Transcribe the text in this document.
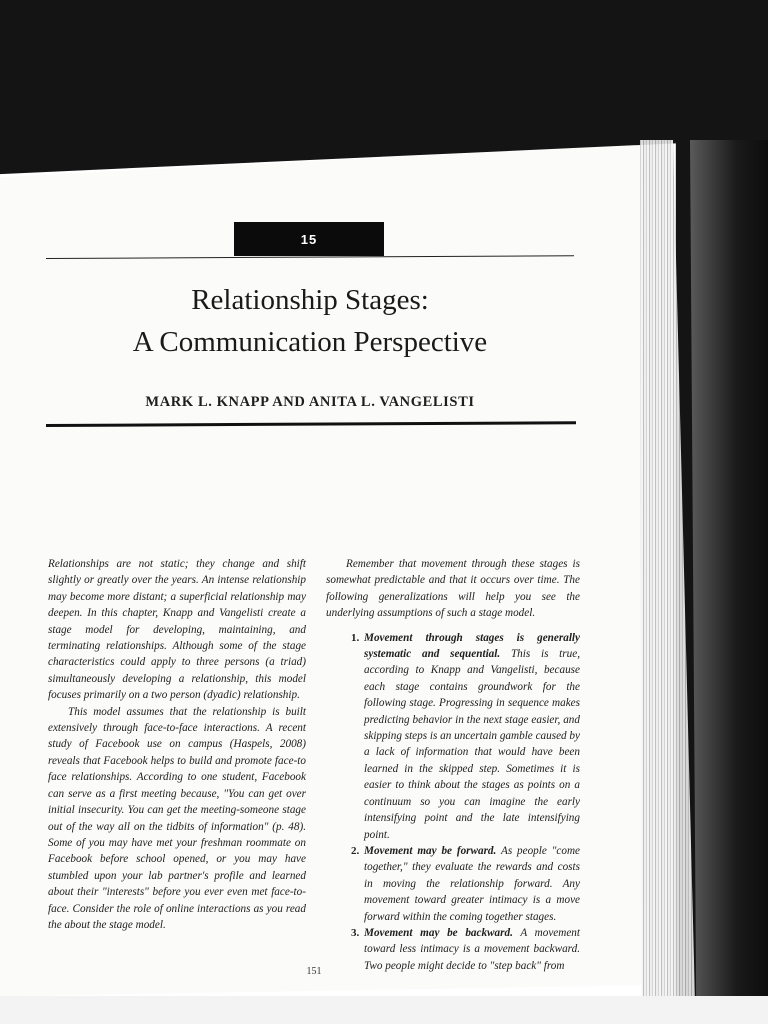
15
Relationship Stages:
A Communication Perspective
MARK L. KNAPP AND ANITA L. VANGELISTI

Relationships are not static; they change and shift slightly or greatly over the years. An intense relationship may become more distant; a superficial relationship may deepen. In this chapter, Knapp and Vangelisti create a stage model for developing, maintaining, and terminating relationships. Although some of the stage characteristics could apply to three persons (a triad) simultaneously developing a relationship, this model focuses primarily on a two person (dyadic) relationship.

This model assumes that the relationship is built extensively through face-to-face interactions. A recent study of Facebook use on campus (Haspels, 2008) reveals that Facebook helps to build and promote face-to face relationships. According to one student, Facebook can serve as a first meeting because, "You can get over initial insecurity. You can get the meeting-someone stage out of the way all on the tidbits of information" (p. 48). Some of you may have met your freshman roommate on Facebook before school opened, or you may have stumbled upon your lab partner's profile and learned about their "interests" before you ever even met face-to-face. Consider the role of online interactions as you read the about the stage model.

Remember that movement through these stages is somewhat predictable and that it occurs over time. The following generalizations will help you see the underlying assumptions of such a stage model.

1. Movement through stages is generally systematic and sequential. This is true, according to Knapp and Vangelisti, because each stage contains groundwork for the following stage. Progressing in sequence makes predicting behavior in the next stage easier, and skipping steps is an uncertain gamble caused by a lack of information that would have been learned in the skipped step. Sometimes it is easier to think about the stages as points on a continuum so you can imagine the early intensifying point and the late intensifying point.
2. Movement may be forward. As people "come together," they evaluate the rewards and costs in moving the relationship forward. Any movement toward greater intimacy is a move forward within the coming together stages.
3. Movement may be backward. A movement toward less intimacy is a movement backward. Two people might decide to "step back" from
151
